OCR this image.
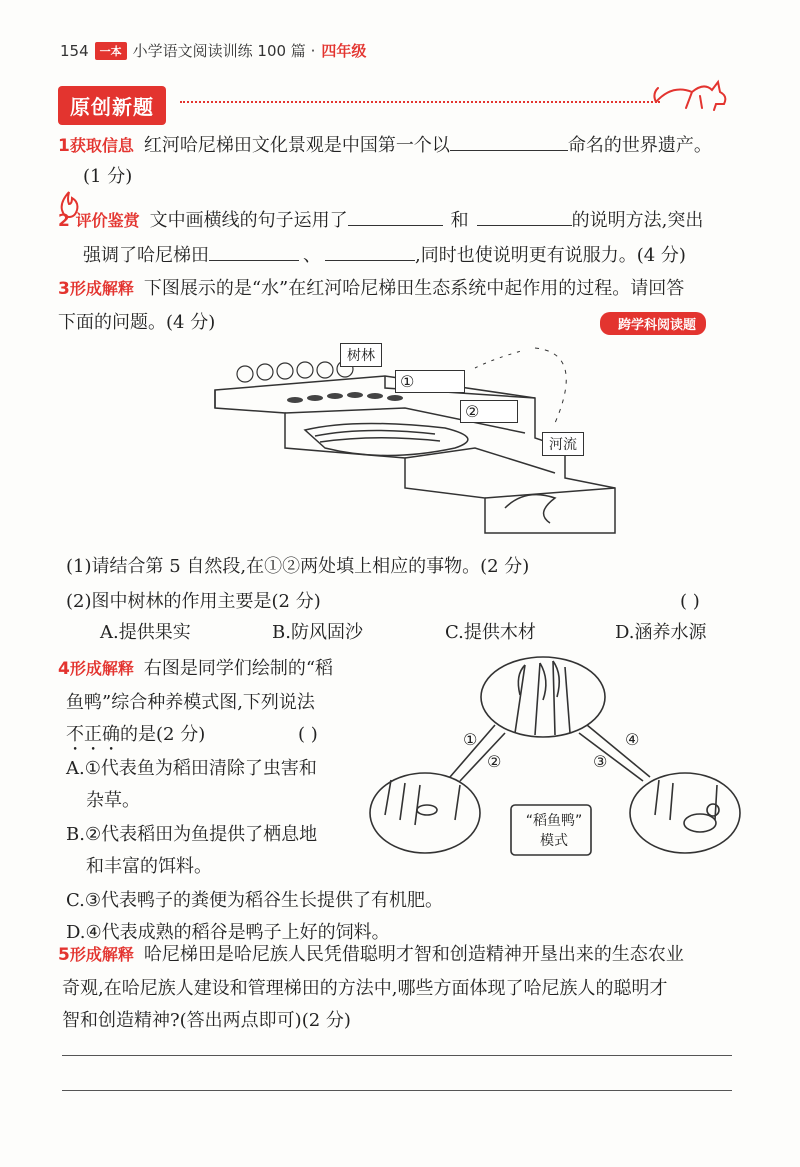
154	一本 小学语文阅读训练 100 篇 · 四年级
原创新题
1获取信息 红河哈尼梯田文化景观是中国第一个以	命名的世界遗产。
(1 分)
2 评价鉴赏 文中画横线的句子运用了	和	的说明方法,突出
强调了哈尼梯田	、	,同时也使说明更有说服力。(4 分)
3形成解释 下图展示的是“水”在红河哈尼梯田生态系统中起作用的过程。请回答
下面的问题。(4 分)	跨学科阅读题
树林
①
②
河流
(1)请结合第 5 自然段,在①②两处填上相应的事物。(2 分)
(2)图中树林的作用主要是(2 分)	( )
A.提供果实	B.防风固沙	C.提供木材	D.涵养水源
4形成解释 右图是同学们绘制的“稻
鱼鸭”综合种养模式图,下列说法
不正确的是(2 分)	( )
A.①代表鱼为稻田清除了虫害和
杂草。
B.②代表稻田为鱼提供了栖息地
和丰富的饵料。
C.③代表鸭子的粪便为稻谷生长提供了有机肥。
D.④代表成熟的稻谷是鸭子上好的饲料。
①
②	③
④
“稻鱼鸭”
模式
5形成解释 哈尼梯田是哈尼族人民凭借聪明才智和创造精神开垦出来的生态农业
奇观,在哈尼族人建设和管理梯田的方法中,哪些方面体现了哈尼族人的聪明才
智和创造精神?(答出两点即可)(2 分)
